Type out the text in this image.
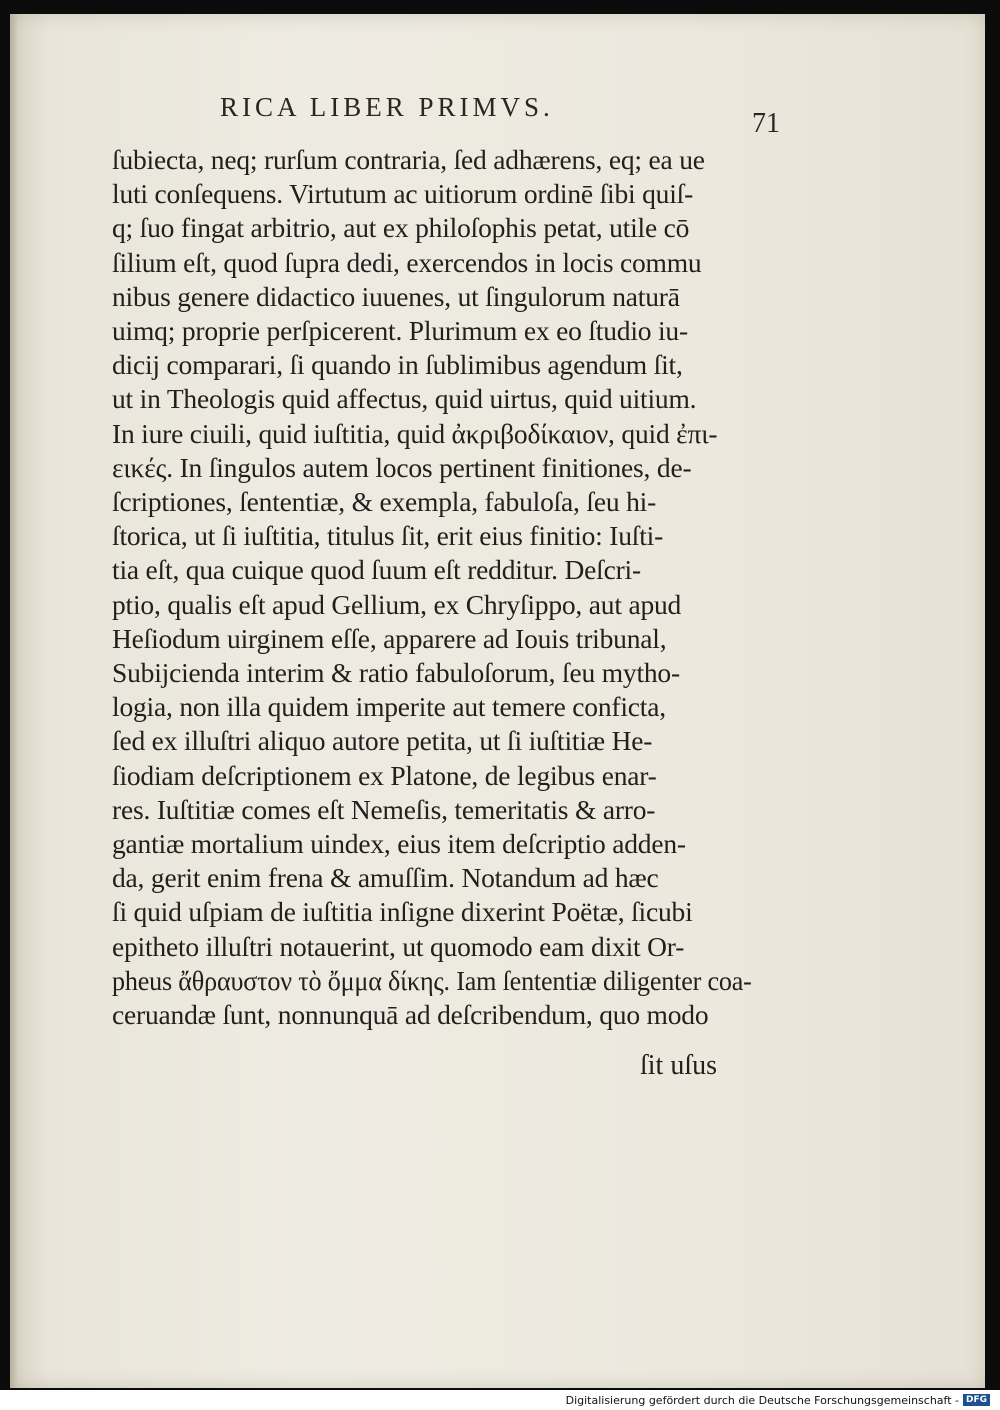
RICA LIBER PRIMVS.
71
ſubiecta, neq; rurſum contraria, ſed adhærens, eq; ea ue
luti conſequens. Virtutum ac uitiorum ordinē ſibi quiſ-
q; ſuo fingat arbitrio, aut ex philoſophis petat, utile cō
ſilium eſt, quod ſupra dedi, exercendos in locis commu
nibus genere didactico iuuenes, ut ſingulorum naturā
uimq; proprie perſpicerent. Plurimum ex eo ſtudio iu-
dicij comparari, ſi quando in ſublimibus agendum ſit,
ut in Theologis quid affectus, quid uirtus, quid uitium.
In iure ciuili, quid iuſtitia, quid ἀκριβοδίκαιον, quid ἐπι-
εικές. In ſingulos autem locos pertinent finitiones, de-
ſcriptiones, ſententiæ, & exempla, fabuloſa, ſeu hi-
ſtorica, ut ſi iuſtitia, titulus ſit, erit eius finitio: Iuſti-
tia eſt, qua cuique quod ſuum eſt redditur. Deſcri-
ptio, qualis eſt apud Gellium, ex Chryſippo, aut apud
Heſiodum uirginem eſſe, apparere ad Iouis tribunal,
Subijcienda interim & ratio fabuloſorum, ſeu mytho-
logia, non illa quidem imperite aut temere conficta,
ſed ex illuſtri aliquo autore petita, ut ſi iuſtitiæ He-
ſiodiam deſcriptionem ex Platone, de legibus enar-
res. Iuſtitiæ comes eſt Nemeſis, temeritatis & arro-
gantiæ mortalium uindex, eius item deſcriptio adden-
da, gerit enim frena & amuſſim. Notandum ad hæc
ſi quid uſpiam de iuſtitia inſigne dixerint Poëtæ, ſicubi
epitheto illuſtri notauerint, ut quomodo eam dixit Or-
pheus ἄθραυστον τὸ ὄμμα δίκης. Iam ſententiæ diligenter coa-
ceruandæ ſunt, nonnunquā ad deſcribendum, quo modo
ſit uſus
Digitalisierung gefördert durch die Deutsche Forschungsgemeinschaft - DFG
